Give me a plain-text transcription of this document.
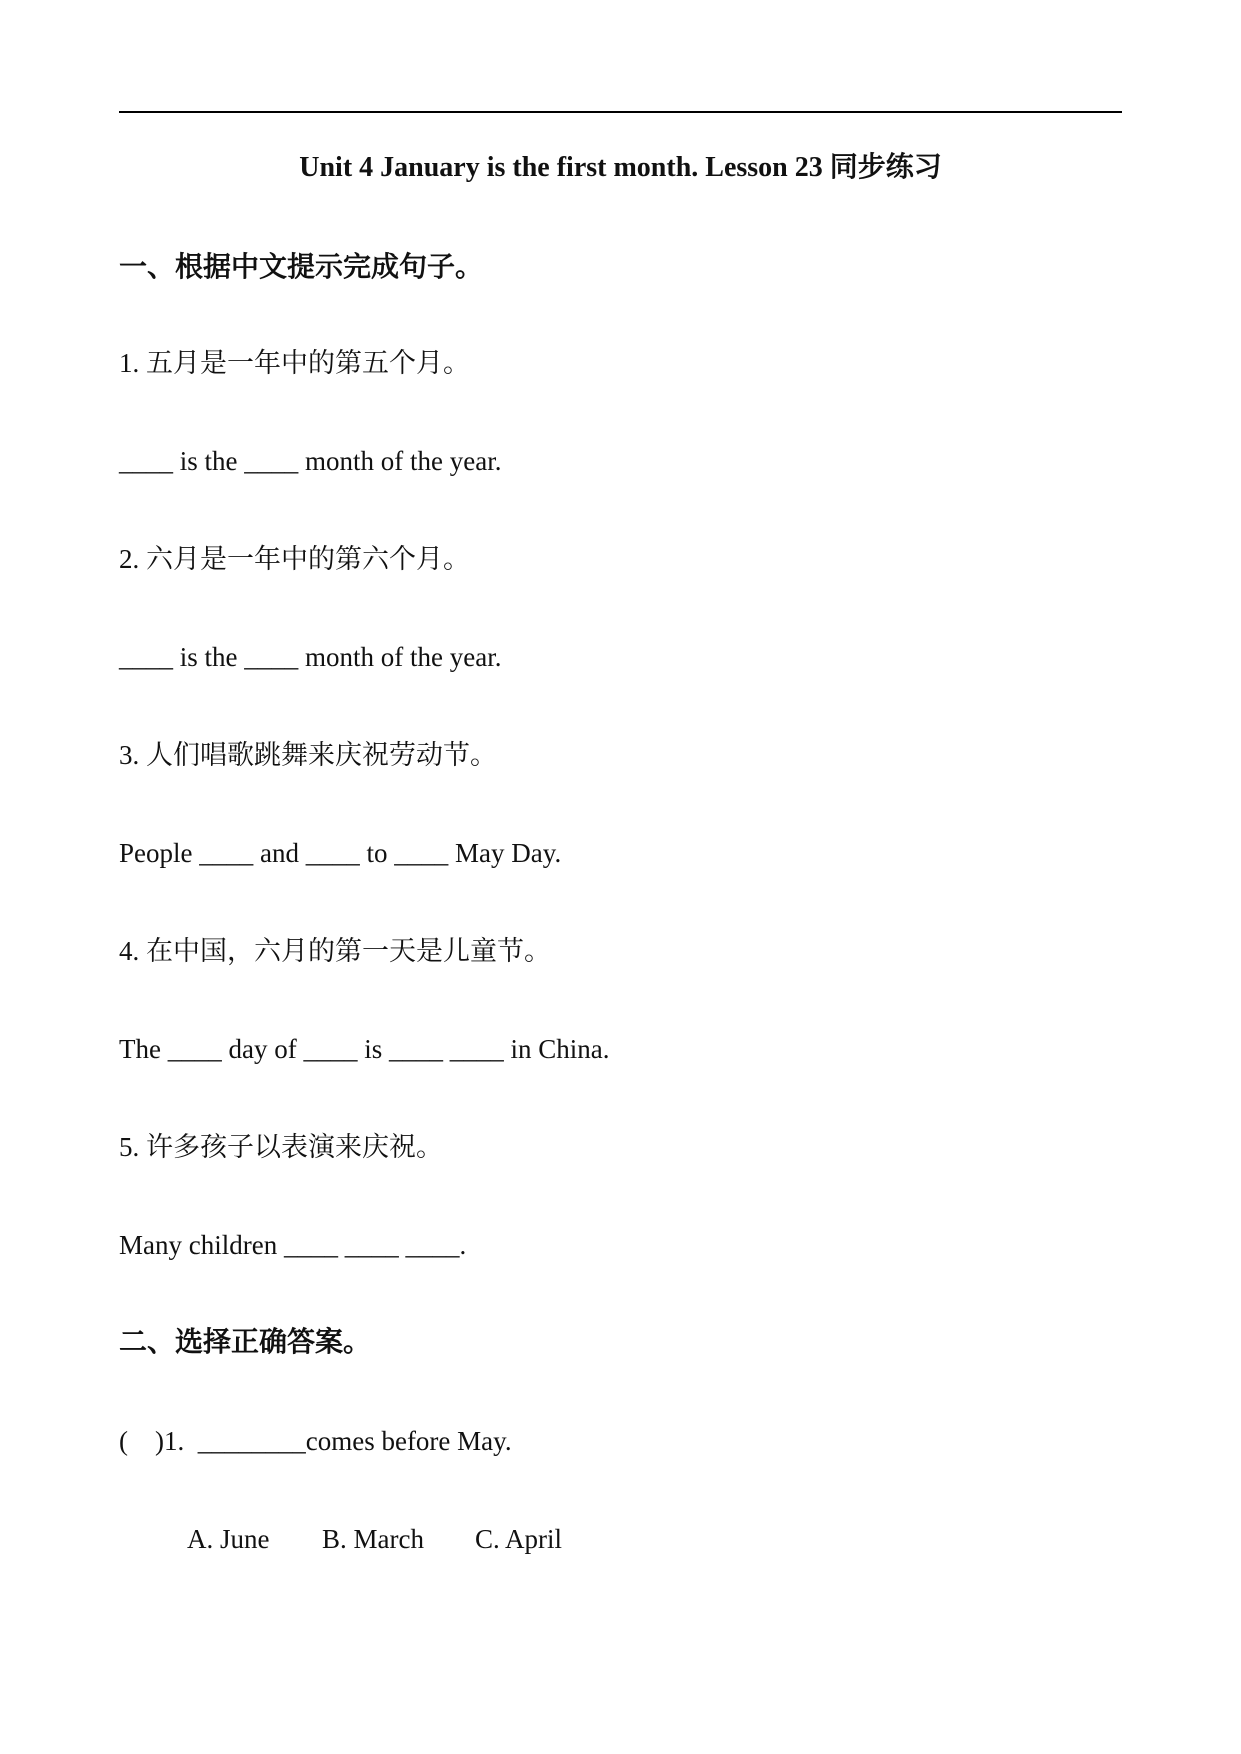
Unit 4 January is the first month. Lesson 23 同步练习
一、根据中文提示完成句子。
1. 五月是一年中的第五个月。
____ is the ____ month of the year.
2. 六月是一年中的第六个月。
____ is the ____ month of the year.
3. 人们唱歌跳舞来庆祝劳动节。
People ____ and ____ to ____ May Day.
4. 在中国，六月的第一天是儿童节。
The ____ day of ____ is ____ ____ in China.
5. 许多孩子以表演来庆祝。
Many children ____ ____ ____.
二、选择正确答案。
(    )1.  ________comes before May.
A. June B. March C. April
